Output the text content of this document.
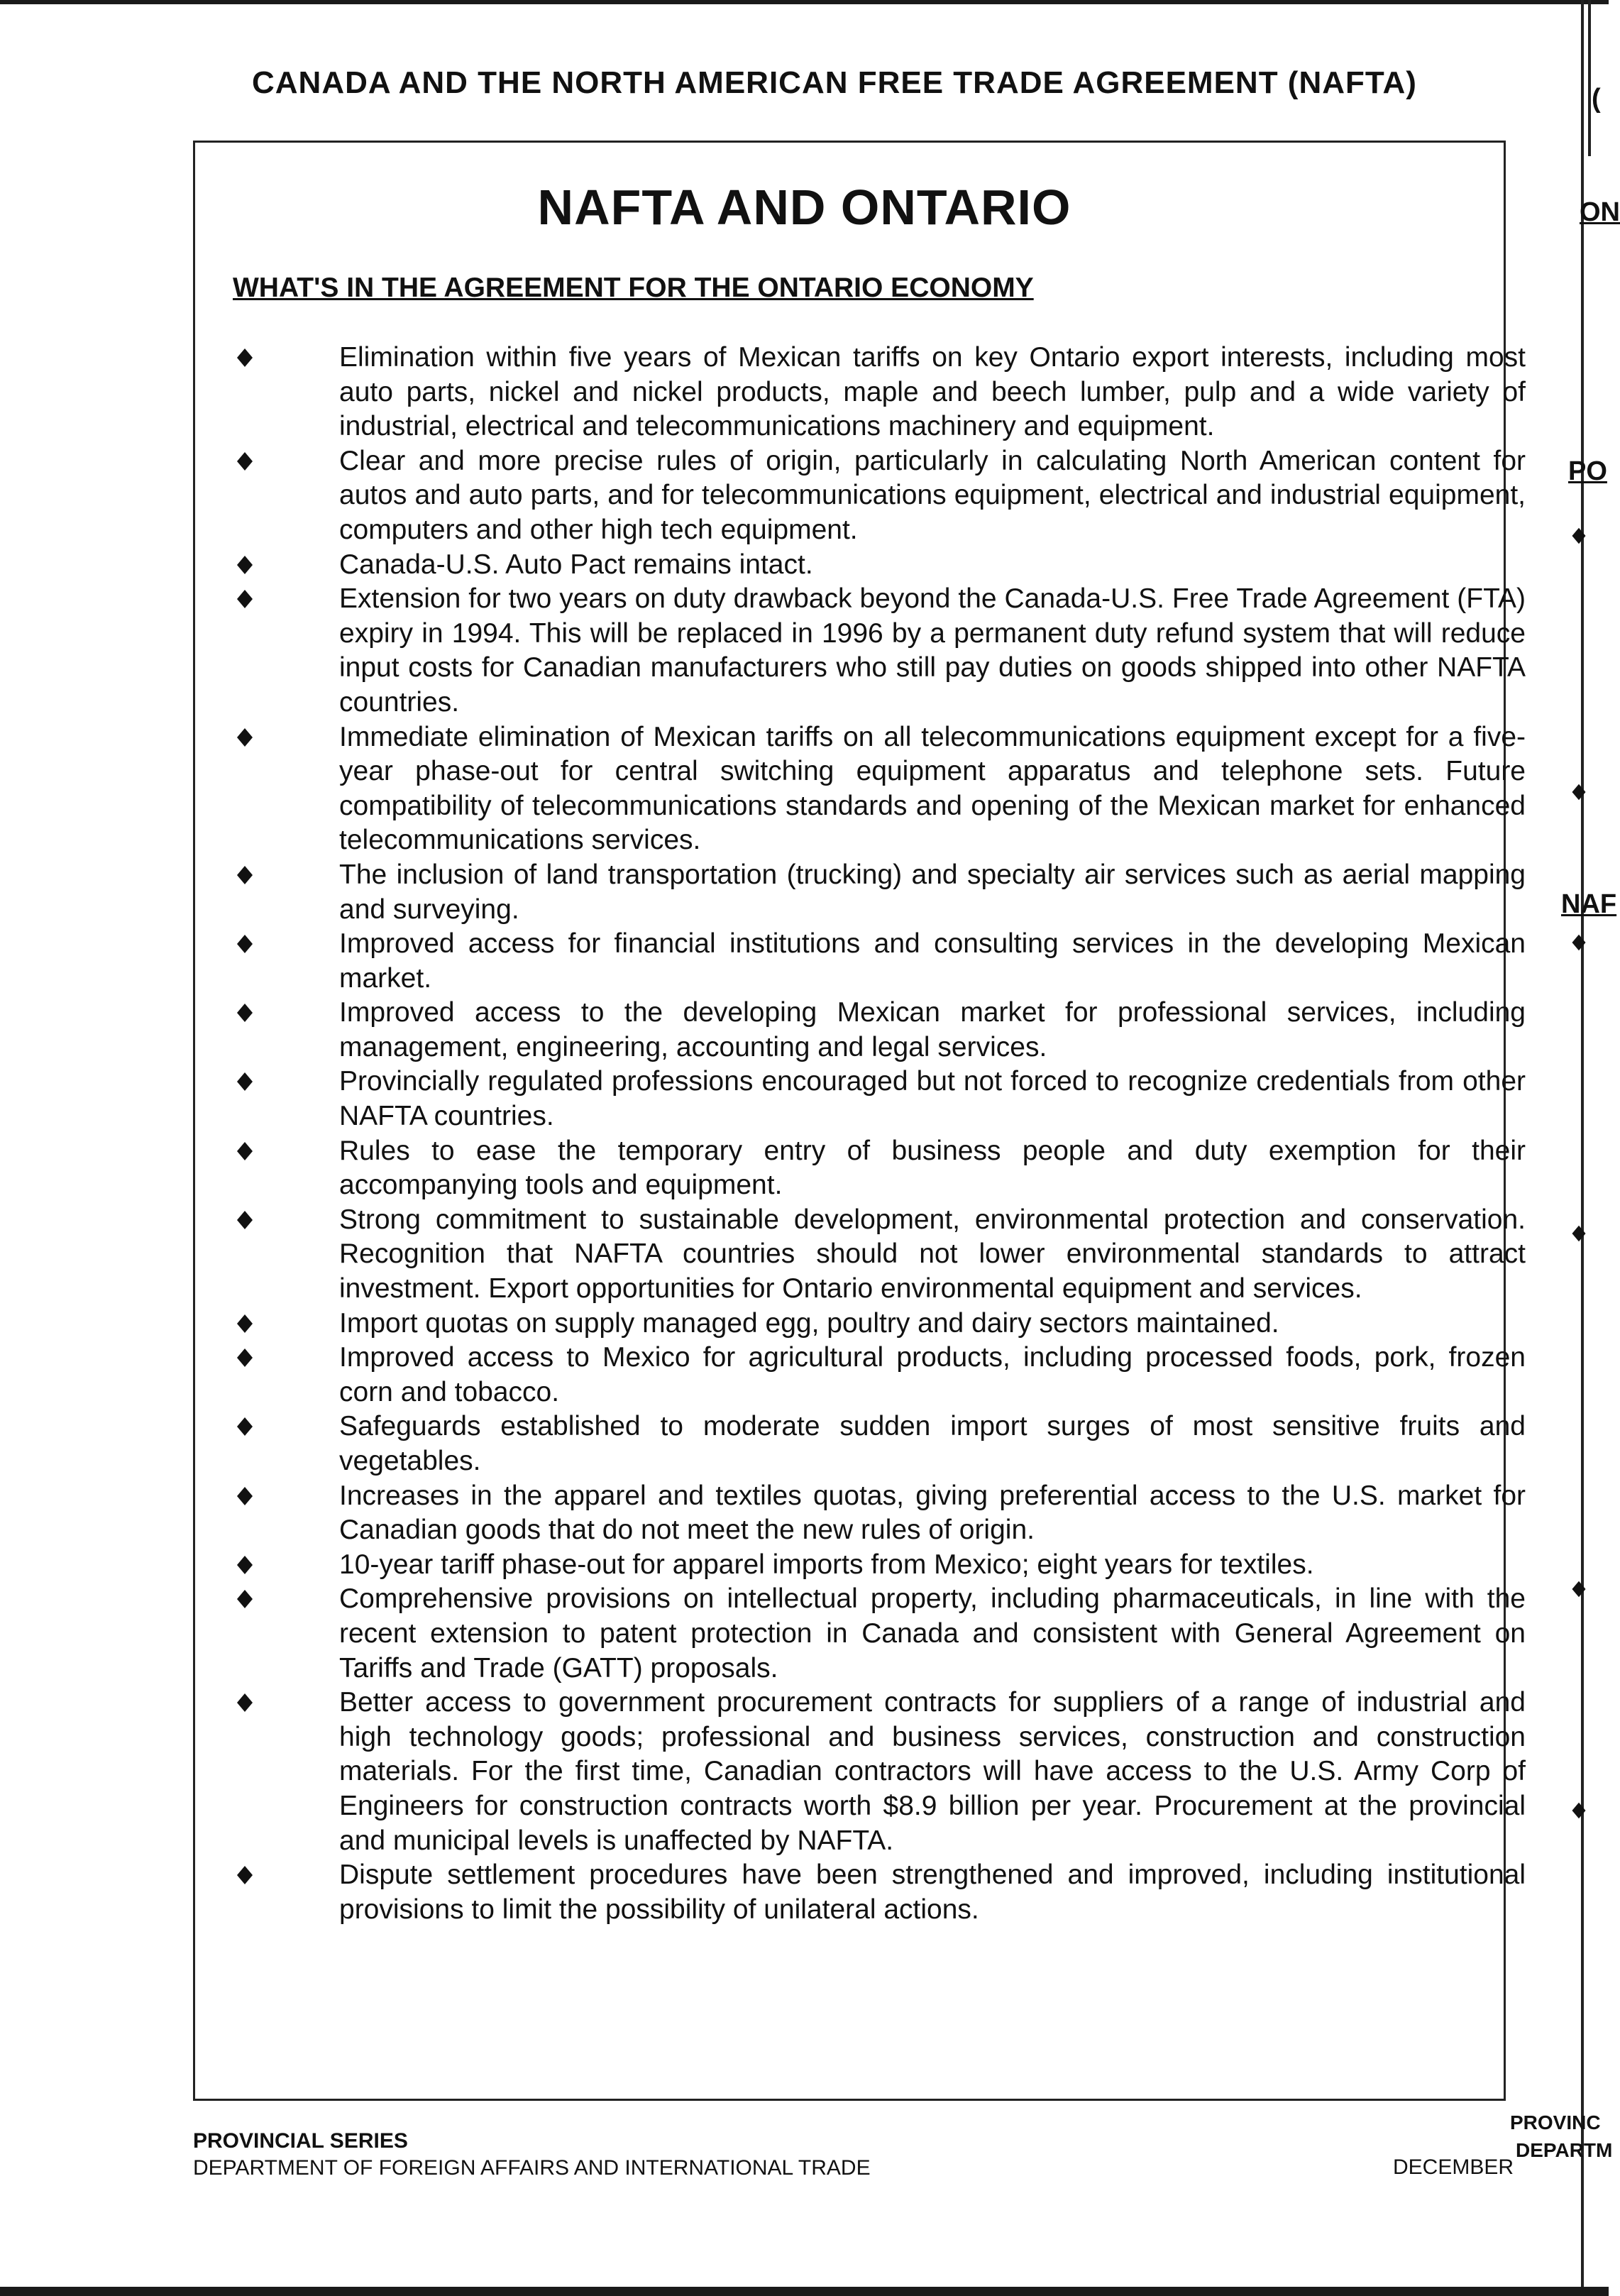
CANADA AND THE NORTH AMERICAN FREE TRADE AGREEMENT (NAFTA)
NAFTA AND ONTARIO
WHAT'S IN THE AGREEMENT FOR THE ONTARIO ECONOMY
Elimination within five years of Mexican tariffs on key Ontario export interests, including most auto parts, nickel and nickel products, maple and beech lumber, pulp and a wide variety of industrial, electrical and telecommunications machinery and equipment.
Clear and more precise rules of origin, particularly in calculating North American content for autos and auto parts, and for telecommunications equipment, electrical and industrial equipment, computers and other high tech equipment.
Canada-U.S. Auto Pact remains intact.
Extension for two years on duty drawback beyond the Canada-U.S. Free Trade Agreement (FTA) expiry in 1994. This will be replaced in 1996 by a permanent duty refund system that will reduce input costs for Canadian manufacturers who still pay duties on goods shipped into other NAFTA countries.
Immediate elimination of Mexican tariffs on all telecommunications equipment except for a five-year phase-out for central switching equipment apparatus and telephone sets. Future compatibility of telecommunications standards and opening of the Mexican market for enhanced telecommunications services.
The inclusion of land transportation (trucking) and specialty air services such as aerial mapping and surveying.
Improved access for financial institutions and consulting services in the developing Mexican market.
Improved access to the developing Mexican market for professional services, including management, engineering, accounting and legal services.
Provincially regulated professions encouraged but not forced to recognize credentials from other NAFTA countries.
Rules to ease the temporary entry of business people and duty exemption for their accompanying tools and equipment.
Strong commitment to sustainable development, environmental protection and conservation. Recognition that NAFTA countries should not lower environmental standards to attract investment. Export opportunities for Ontario environmental equipment and services.
Import quotas on supply managed egg, poultry and dairy sectors maintained.
Improved access to Mexico for agricultural products, including processed foods, pork, frozen corn and tobacco.
Safeguards established to moderate sudden import surges of most sensitive fruits and vegetables.
Increases in the apparel and textiles quotas, giving preferential access to the U.S. market for Canadian goods that do not meet the new rules of origin.
10-year tariff phase-out for apparel imports from Mexico; eight years for textiles.
Comprehensive provisions on intellectual property, including pharmaceuticals, in line with the recent extension to patent protection in Canada and consistent with General Agreement on Tariffs and Trade (GATT) proposals.
Better access to government procurement contracts for suppliers of a range of industrial and high technology goods; professional and business services, construction and construction materials. For the first time, Canadian contractors will have access to the U.S. Army Corp of Engineers for construction contracts worth $8.9 billion per year. Procurement at the provincial and municipal levels is unaffected by NAFTA.
Dispute settlement procedures have been strengthened and improved, including institutional provisions to limit the possibility of unilateral actions.
PROVINCIAL SERIES
DEPARTMENT OF FOREIGN AFFAIRS AND INTERNATIONAL TRADE	DECEMBER
(
ON
PO
NAF
PROVINC
DEPARTM
